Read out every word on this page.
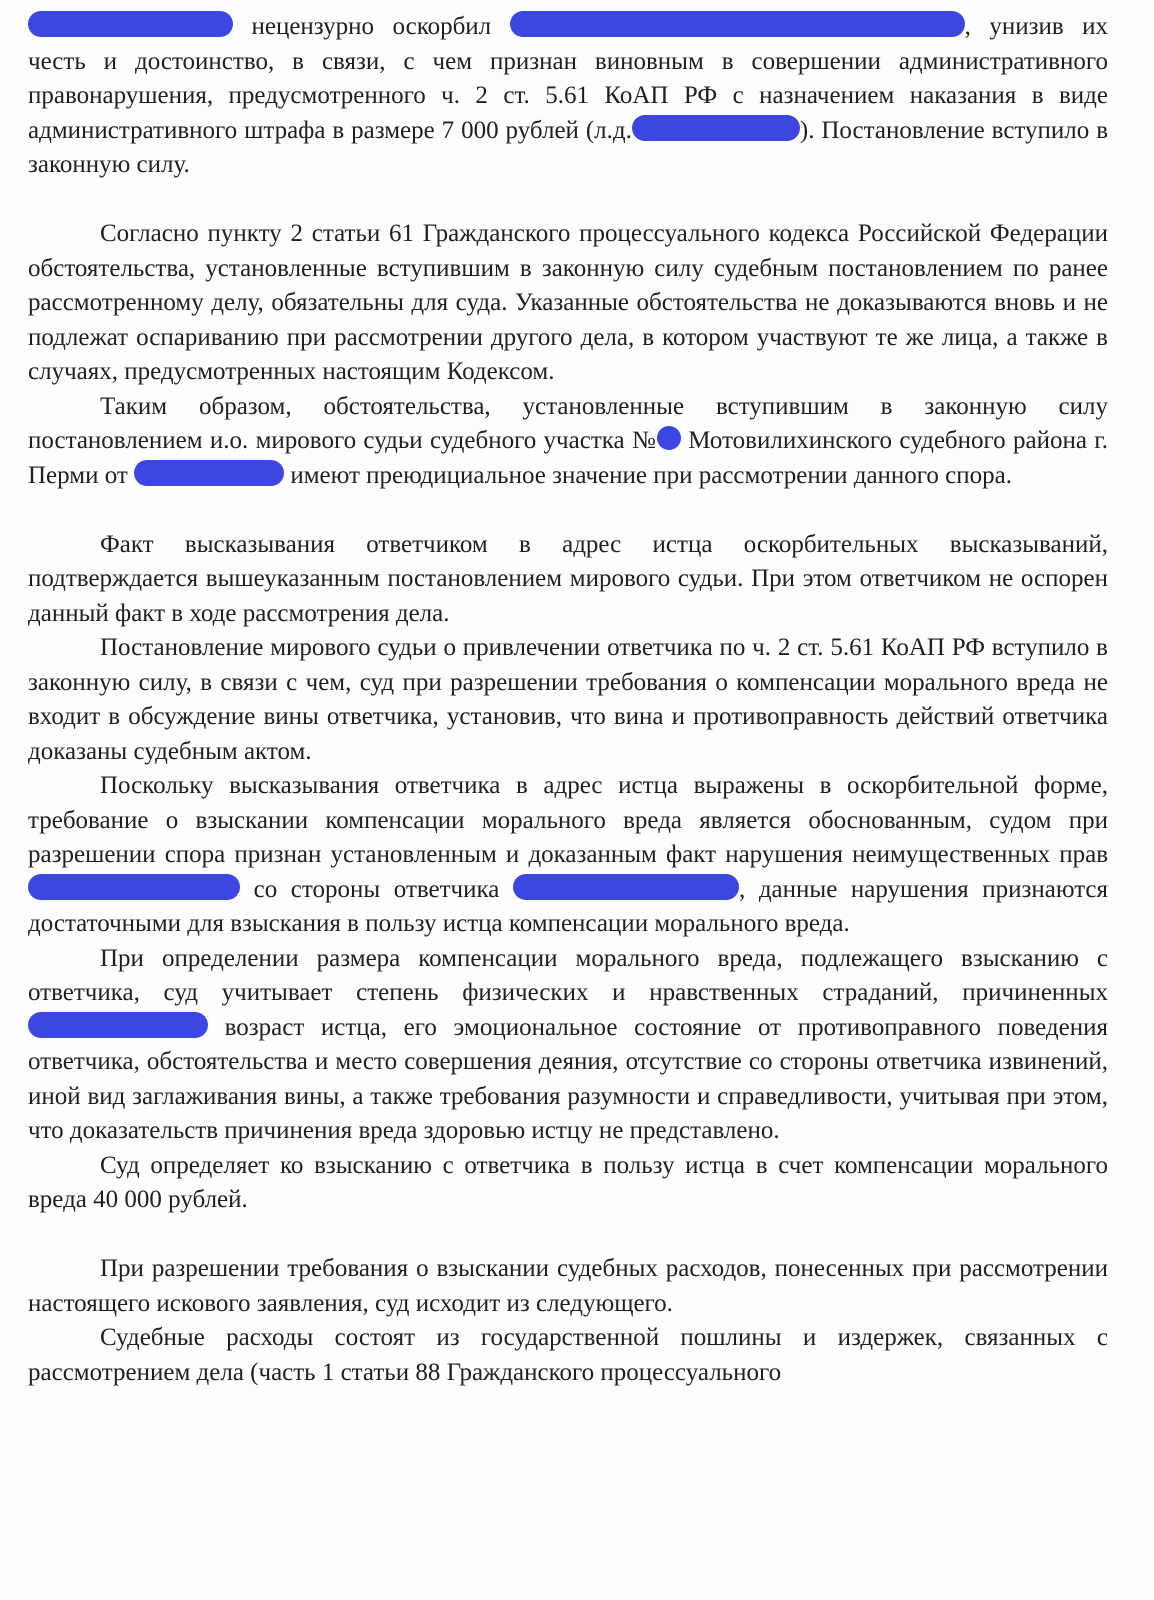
нецензурно оскорбил	, унизив их честь и достоинство, в связи, с чем признан виновным в совершении административного правонарушения, предусмотренного ч. 2 ст. 5.61 КоАП РФ с назначением наказания в виде административного штрафа в размере 7 000 рублей (л.д.	). Постановление вступило в законную силу.

Согласно пункту 2 статьи 61 Гражданского процессуального кодекса Российской Федерации обстоятельства, установленные вступившим в законную силу судебным постановлением по ранее рассмотренному делу, обязательны для суда. Указанные обстоятельства не доказываются вновь и не подлежат оспариванию при рассмотрении другого дела, в котором участвуют те же лица, а также в случаях, предусмотренных настоящим Кодексом.

Таким образом, обстоятельства, установленные вступившим в законную силу постановлением и.о. мирового судьи судебного участка № Мотовилихинского судебного района г. Перми от	имеют преюдициальное значение при рассмотрении данного спора.

Факт высказывания ответчиком в адрес истца оскорбительных высказываний, подтверждается вышеуказанным постановлением мирового судьи. При этом ответчиком не оспорен данный факт в ходе рассмотрения дела.

Постановление мирового судьи о привлечении ответчика по ч. 2 ст. 5.61 КоАП РФ вступило в законную силу, в связи с чем, суд при разрешении требования о компенсации морального вреда не входит в обсуждение вины ответчика, установив, что вина и противоправность действий ответчика доказаны судебным актом.

Поскольку высказывания ответчика в адрес истца выражены в оскорбительной форме, требование о взыскании компенсации морального вреда является обоснованным, судом при разрешении спора признан установленным и доказанным факт нарушения неимущественных прав со стороны ответчика	, данные нарушения признаются достаточными для взыскания в пользу истца компенсации морального вреда.

При определении размера компенсации морального вреда, подлежащего взысканию с ответчика, суд учитывает степень физических и нравственных страданий, причиненных возраст истца, его эмоциональное состояние от противоправного поведения ответчика, обстоятельства и место совершения деяния, отсутствие со стороны ответчика извинений, иной вид заглаживания вины, а также требования разумности и справедливости, учитывая при этом, что доказательств причинения вреда здоровью истцу не представлено.

Суд определяет ко взысканию с ответчика в пользу истца в счет компенсации морального вреда 40 000 рублей.

При разрешении требования о взыскании судебных расходов, понесенных при рассмотрении настоящего искового заявления, суд исходит из следующего.

Судебные расходы состоят из государственной пошлины и издержек, связанных с рассмотрением дела (часть 1 статьи 88 Гражданского процессуального
